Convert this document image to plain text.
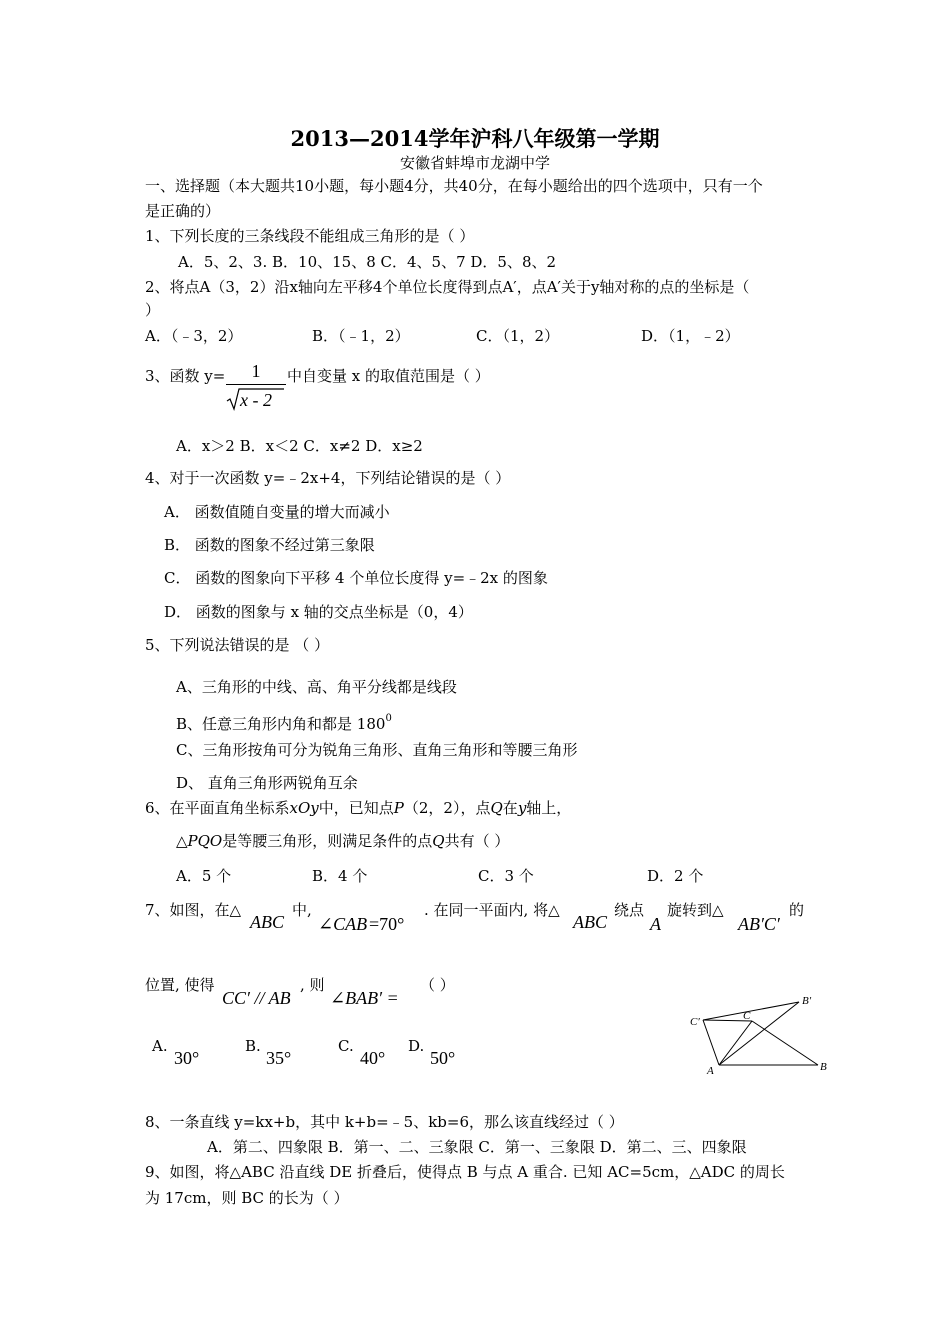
2013—2014学年沪科八年级第一学期
安徽省蚌埠市龙湖中学
一、选择题（本大题共10小题，每小题4分，共40分，在每小题给出的四个选项中，只有一个
是正确的）
1、下列长度的三条线段不能组成三角形的是（ ）
A．5、2、3. B．10、15、8 C．4、5、7 D．5、8、2
2、将点A（3，2）沿x轴向左平移4个单位长度得到点A′，点A′关于y轴对称的点的坐标是（
）
A．（﹣3，2）	B．（﹣1，2）	C．（1，2）	D．（1，﹣2）
3、函数 y=	1
x - 2
中自变量 x 的取值范围是（ ）
A．x＞2 B．x＜2 C．x≠2 D．x≥2
4、对于一次函数 y=﹣2x+4，下列结论错误的是（ ）
A． 函数值随自变量的增大而减小
B． 函数的图象不经过第三象限
C． 函数的图象向下平移 4 个单位长度得 y=﹣2x 的图象
D． 函数的图象与 x 轴的交点坐标是（0，4）
5、下列说法错误的是 （ ）
A、三角形的中线、高、角平分线都是线段
B、任意三角形内角和都是 $180^0$
C、三角形按角可分为锐角三角形、直角三角形和等腰三角形
D、 直角三角形两锐角互余
6、在平面直角坐标系xOy中，已知点P（2，2），点Q在y轴上，
△PQO是等腰三角形，则满足条件的点Q共有（ ）
A．5 个	B．4 个	C．3 个	D．2 个
7、如图，在△
ABC
中,
∠CAB =70°
. 在同一平面内, 将△
ABC
绕点
A
旋转到△
AB′C′
的
位置, 使得
CC′ // AB
, 则
∠BAB′ =
（ ）
A.
30°
B.
35°
C.
40°
D.
50°
C′	C
B′
A	B
8、一条直线 y=kx+b，其中 k+b=﹣5、kb=6，那么该直线经过（ ）
A．第二、四象限 B．第一、二、三象限 C．第一、三象限 D．第二、三、四象限
9、如图，将△ABC 沿直线 DE 折叠后，使得点 B 与点 A 重合. 已知 AC=5cm，△ADC 的周长
为 17cm，则 BC 的长为（ ）
